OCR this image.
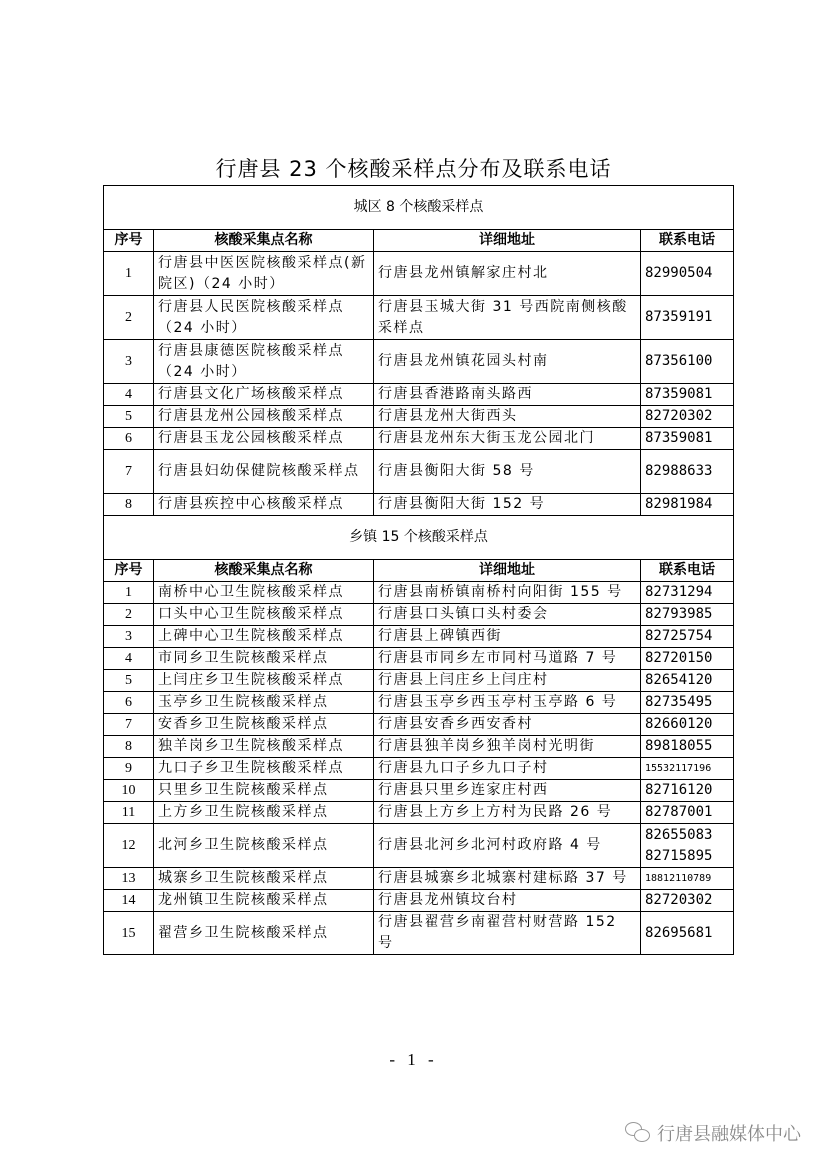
行唐县 23 个核酸采样点分布及联系电话
城区 8 个核酸采样点			
序号	核酸采集点名称	详细地址	联系电话
1	行唐县中医医院核酸采样点(新院区)（24 小时）	行唐县龙州镇解家庄村北	82990504
2	行唐县人民医院核酸采样点（24 小时）	行唐县玉城大街 31 号西院南侧核酸采样点	87359191
3	行唐县康德医院核酸采样点（24 小时）	行唐县龙州镇花园头村南	87356100
4	行唐县文化广场核酸采样点	行唐县香港路南头路西	87359081
5	行唐县龙州公园核酸采样点	行唐县龙州大街西头	82720302
6	行唐县玉龙公园核酸采样点	行唐县龙州东大街玉龙公园北门	87359081
7	行唐县妇幼保健院核酸采样点	行唐县衡阳大街 58 号	82988633
8	行唐县疾控中心核酸采样点	行唐县衡阳大街 152 号	82981984
乡镇 15 个核酸采样点			
序号	核酸采集点名称	详细地址	联系电话
1	南桥中心卫生院核酸采样点	行唐县南桥镇南桥村向阳街 155 号	82731294
2	口头中心卫生院核酸采样点	行唐县口头镇口头村委会	82793985
3	上碑中心卫生院核酸采样点	行唐县上碑镇西街	82725754
4	市同乡卫生院核酸采样点	行唐县市同乡左市同村马道路 7 号	82720150
5	上闫庄乡卫生院核酸采样点	行唐县上闫庄乡上闫庄村	82654120
6	玉亭乡卫生院核酸采样点	行唐县玉亭乡西玉亭村玉亭路 6 号	82735495
7	安香乡卫生院核酸采样点	行唐县安香乡西安香村	82660120
8	独羊岗乡卫生院核酸采样点	行唐县独羊岗乡独羊岗村光明街	89818055
9	九口子乡卫生院核酸采样点	行唐县九口子乡九口子村	15532117196
10	只里乡卫生院核酸采样点	行唐县只里乡连家庄村西	82716120
11	上方乡卫生院核酸采样点	行唐县上方乡上方村为民路 26 号	82787001
12	北河乡卫生院核酸采样点	行唐县北河乡北河村政府路 4 号	82655083
82715895
13	城寨乡卫生院核酸采样点	行唐县城寨乡北城寨村建标路 37 号	18812110789
14	龙州镇卫生院核酸采样点	行唐县龙州镇坟台村	82720302
15	翟营乡卫生院核酸采样点	行唐县翟营乡南翟营村财营路 152 号	82695681
- 1 -
行唐县融媒体中心
